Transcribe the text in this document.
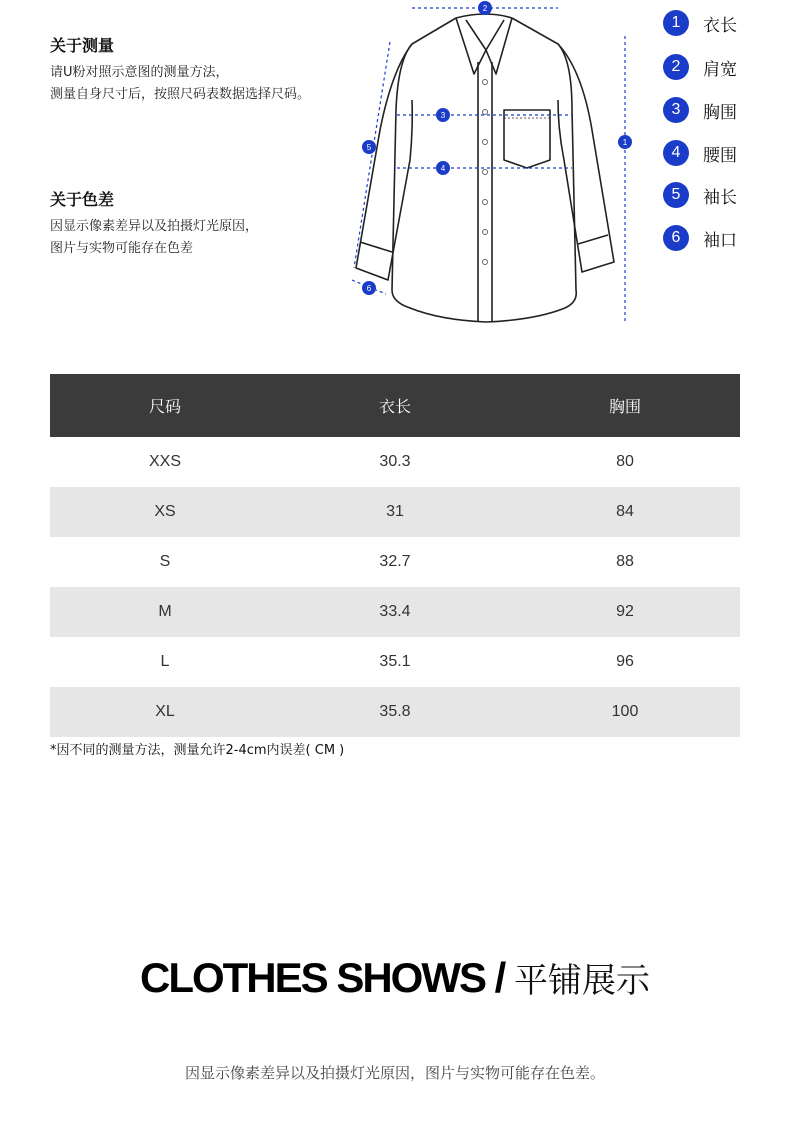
关于测量
请U粉对照示意图的测量方法，
测量自身尺寸后，按照尺码表数据选择尺码。
关于色差
因显示像素差异以及拍摄灯光原因，
图片与实物可能存在色差
2
3
4
5
1
6
1	衣长
2	肩宽
3	胸围
4	腰围
5	袖长
6	袖口
尺码	衣长	胸围
XXS	30.3	80
XS	31	84
S	32.7	88
M	33.4	92
L	35.1	96
XL	35.8	100
*因不同的测量方法，测量允许2-4cm内误差( CM )
CLOTHES SHOWS / 平铺展示
因显示像素差异以及拍摄灯光原因，图片与实物可能存在色差。
